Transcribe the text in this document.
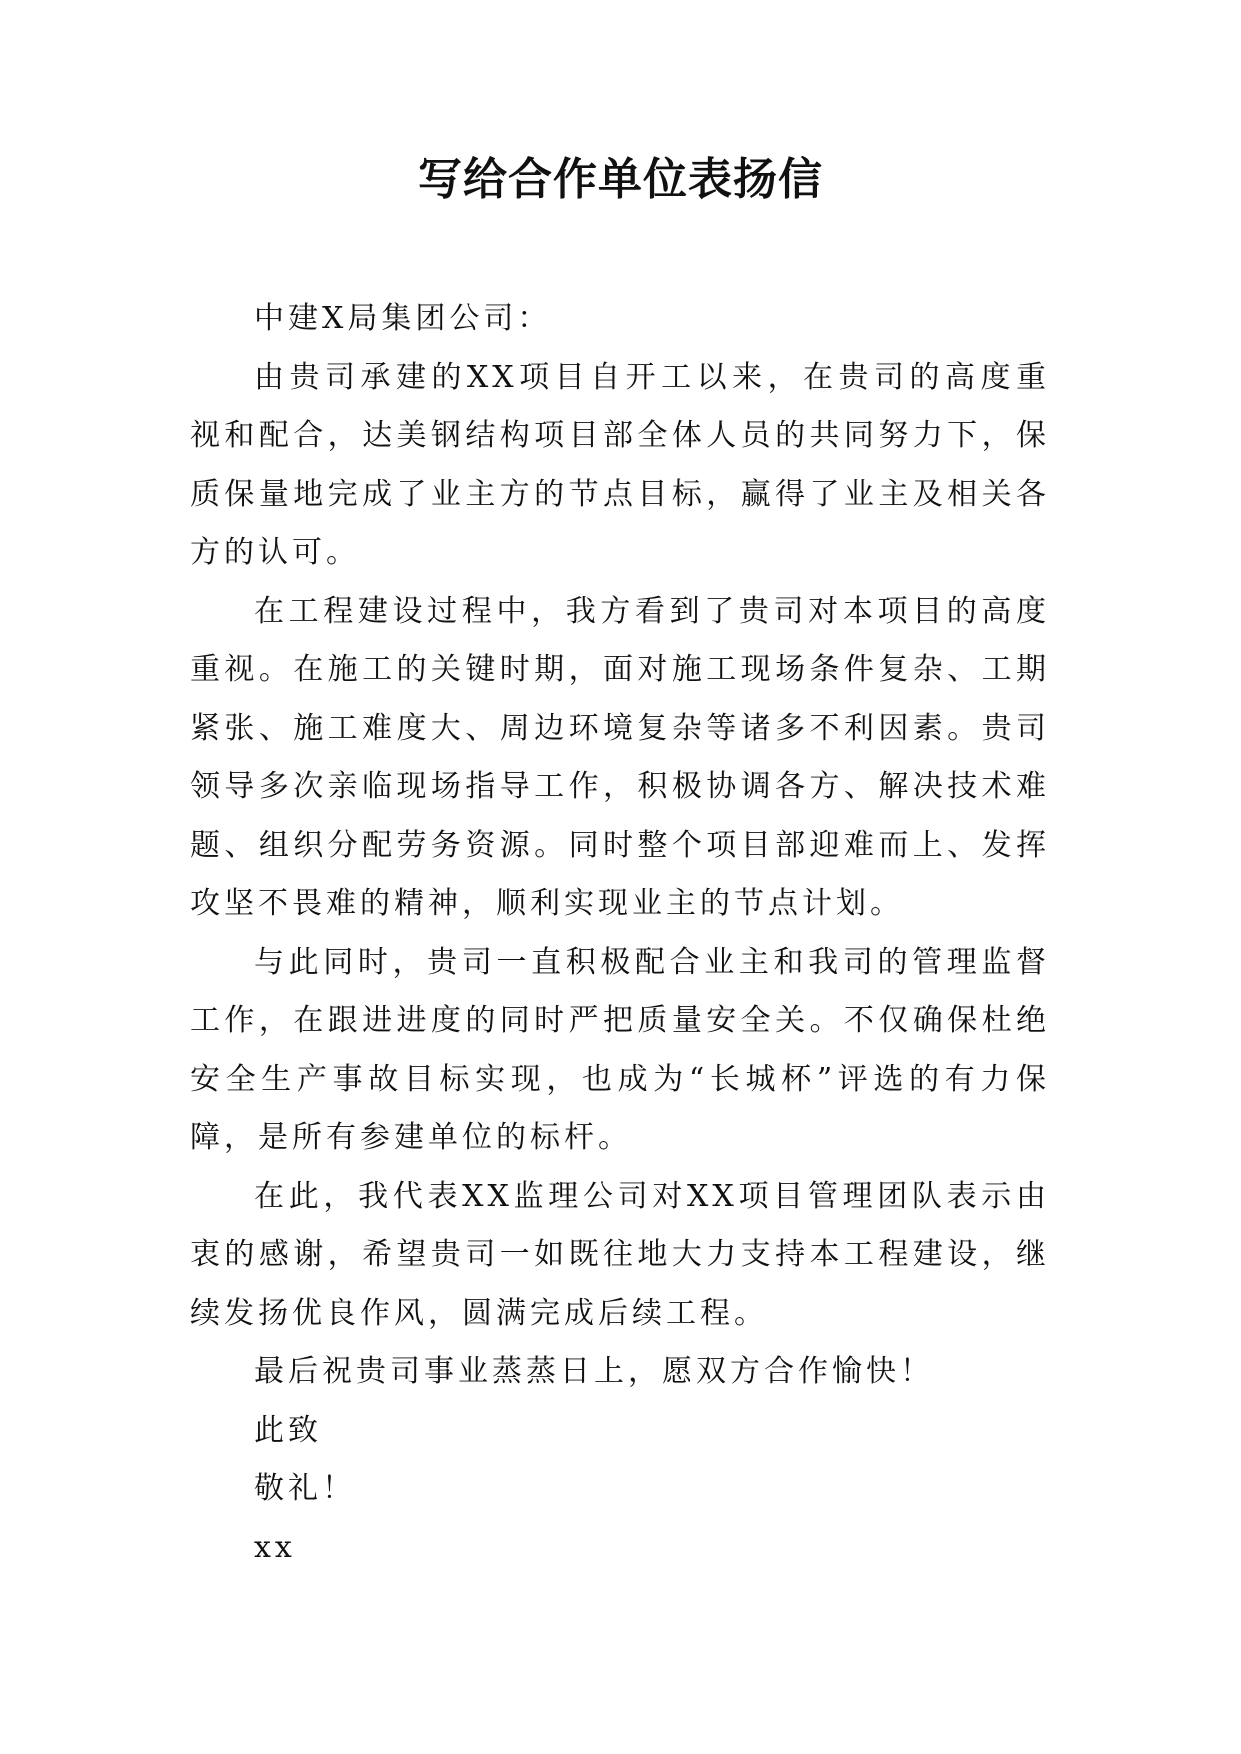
写给合作单位表扬信

中建X局集团公司：

由贵司承建的XX项目自开工以来，在贵司的高度重视和配合，达美钢结构项目部全体人员的共同努力下，保质保量地完成了业主方的节点目标，赢得了业主及相关各方的认可。

在工程建设过程中，我方看到了贵司对本项目的高度重视。在施工的关键时期，面对施工现场条件复杂、工期紧张、施工难度大、周边环境复杂等诸多不利因素。贵司领导多次亲临现场指导工作，积极协调各方、解决技术难题、组织分配劳务资源。同时整个项目部迎难而上、发挥攻坚不畏难的精神，顺利实现业主的节点计划。

与此同时，贵司一直积极配合业主和我司的管理监督工作，在跟进进度的同时严把质量安全关。不仅确保杜绝安全生产事故目标实现，也成为“长城杯”评选的有力保障，是所有参建单位的标杆。

在此，我代表XX监理公司对XX项目管理团队表示由衷的感谢，希望贵司一如既往地大力支持本工程建设，继续发扬优良作风，圆满完成后续工程。

最后祝贵司事业蒸蒸日上，愿双方合作愉快！

此致

敬礼！

xx
